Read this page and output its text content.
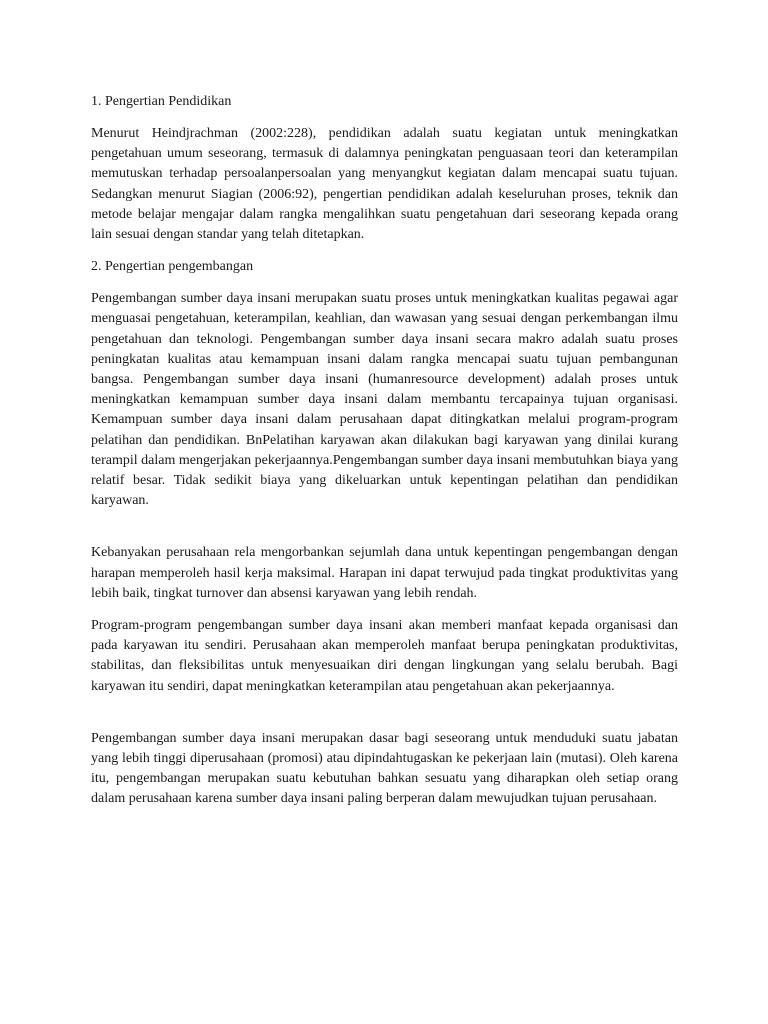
1. Pengertian Pendidikan

Menurut Heindjrachman (2002:228), pendidikan adalah suatu kegiatan untuk meningkatkan pengetahuan umum seseorang, termasuk di dalamnya peningkatan penguasaan teori dan keterampilan memutuskan terhadap persoalanpersoalan yang menyangkut kegiatan dalam mencapai suatu tujuan. Sedangkan menurut Siagian (2006:92), pengertian pendidikan adalah keseluruhan proses, teknik dan metode belajar mengajar dalam rangka mengalihkan suatu pengetahuan dari seseorang kepada orang lain sesuai dengan standar yang telah ditetapkan.

2. Pengertian pengembangan

Pengembangan sumber daya insani merupakan suatu proses untuk meningkatkan kualitas pegawai agar menguasai pengetahuan, keterampilan, keahlian, dan wawasan yang sesuai dengan perkembangan ilmu pengetahuan dan teknologi. Pengembangan sumber daya insani secara makro adalah suatu proses peningkatan kualitas atau kemampuan insani dalam rangka mencapai suatu tujuan pembangunan bangsa. Pengembangan sumber daya insani (humanresource development) adalah proses untuk meningkatkan kemampuan sumber daya insani dalam membantu tercapainya tujuan organisasi. Kemampuan sumber daya insani dalam perusahaan dapat ditingkatkan melalui program-program pelatihan dan pendidikan. BnPelatihan karyawan akan dilakukan bagi karyawan yang dinilai kurang terampil dalam mengerjakan pekerjaannya.Pengembangan sumber daya insani membutuhkan biaya yang relatif besar. Tidak sedikit biaya yang dikeluarkan untuk kepentingan pelatihan dan pendidikan karyawan.

Kebanyakan perusahaan rela mengorbankan sejumlah dana untuk kepentingan pengembangan dengan harapan memperoleh hasil kerja maksimal. Harapan ini dapat terwujud pada tingkat produktivitas yang lebih baik, tingkat turnover dan absensi karyawan yang lebih rendah.

Program-program pengembangan sumber daya insani akan memberi manfaat kepada organisasi dan pada karyawan itu sendiri. Perusahaan akan memperoleh manfaat berupa peningkatan produktivitas, stabilitas, dan fleksibilitas untuk menyesuaikan diri dengan lingkungan yang selalu berubah. Bagi karyawan itu sendiri, dapat meningkatkan keterampilan atau pengetahuan akan pekerjaannya.

Pengembangan sumber daya insani merupakan dasar bagi seseorang untuk menduduki suatu jabatan yang lebih tinggi diperusahaan (promosi) atau dipindahtugaskan ke pekerjaan lain (mutasi). Oleh karena itu, pengembangan merupakan suatu kebutuhan bahkan sesuatu yang diharapkan oleh setiap orang dalam perusahaan karena sumber daya insani paling berperan dalam mewujudkan tujuan perusahaan.
